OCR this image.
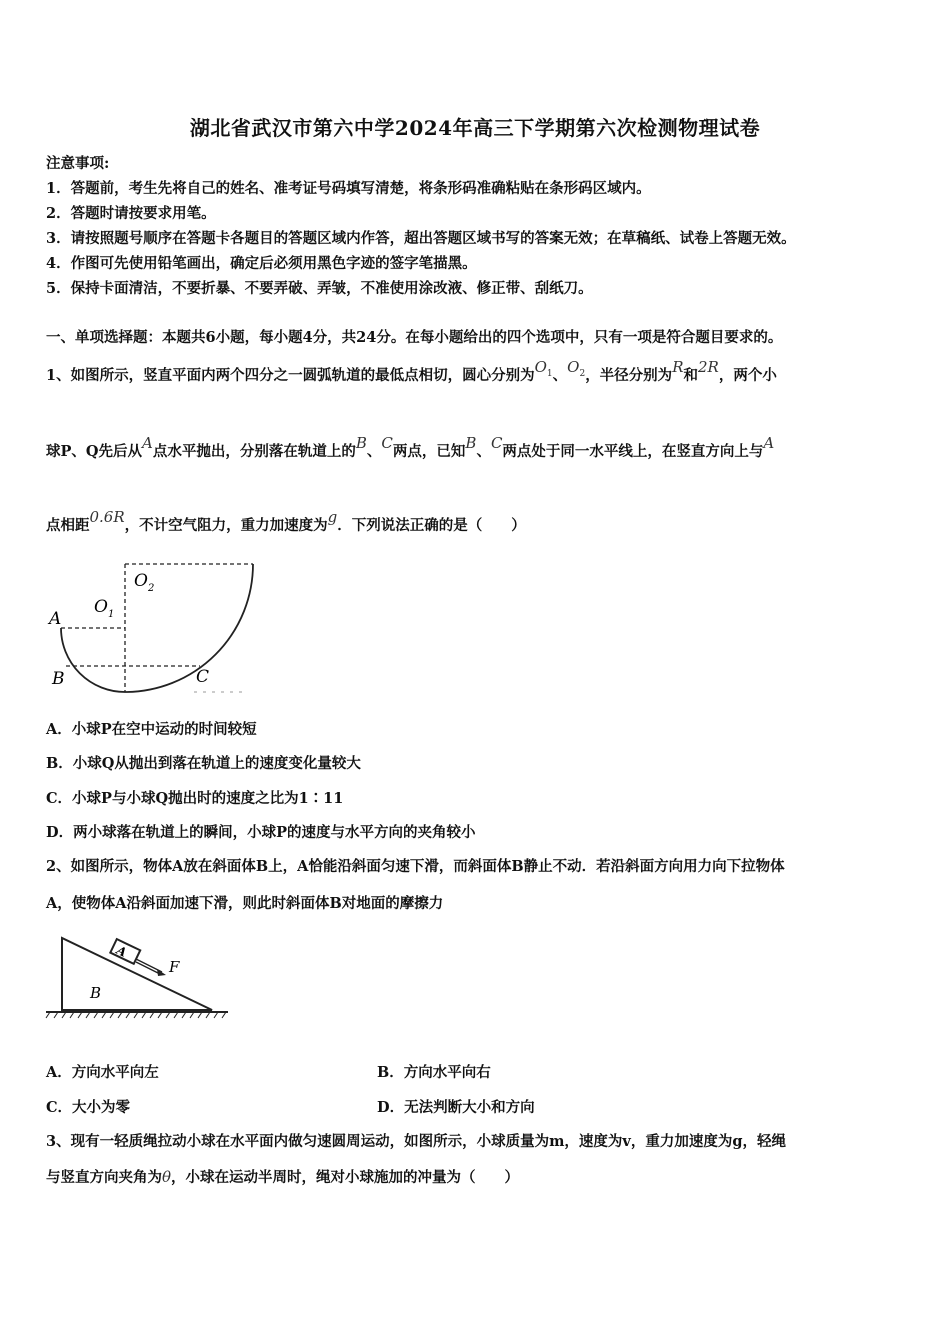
湖北省武汉市第六中学2024年高三下学期第六次检测物理试卷
注意事项:
1．答题前，考生先将自己的姓名、准考证号码填写清楚，将条形码准确粘贴在条形码区域内。
2．答题时请按要求用笔。
3．请按照题号顺序在答题卡各题目的答题区域内作答，超出答题区域书写的答案无效；在草稿纸、试卷上答题无效。
4．作图可先使用铅笔画出，确定后必须用黑色字迹的签字笔描黑。
5．保持卡面清洁，不要折暴、不要弄破、弄皱，不准使用涂改液、修正带、刮纸刀。
一、单项选择题：本题共6小题，每小题4分，共24分。在每小题给出的四个选项中，只有一项是符合题目要求的。
1、如图所示，竖直平面内两个四分之一圆弧轨道的最低点相切，圆心分别为$O_1$、$O_2$，半径分别为R和2R，两个小
球P、Q先后从A点水平抛出，分别落在轨道上的B、C两点，已知B、C两点处于同一水平线上，在竖直方向上与A
点相距0.6R，不计空气阻力，重力加速度为g．下列说法正确的是（　　）
A
B	C
$O_1$
$O_2$
A．小球P在空中运动的时间较短
B．小球Q从抛出到落在轨道上的速度变化量较大
C．小球P与小球Q抛出时的速度之比为1∶11
D．两小球落在轨道上的瞬间，小球P的速度与水平方向的夹角较小
2、如图所示，物体A放在斜面体B上，A恰能沿斜面匀速下滑，而斜面体B静止不动．若沿斜面方向用力向下拉物体
A，使物体A沿斜面加速下滑，则此时斜面体B对地面的摩擦力
A
F
B
A．方向水平向左	B．方向水平向右
C．大小为零	D．无法判断大小和方向
3、现有一轻质绳拉动小球在水平面内做匀速圆周运动，如图所示，小球质量为m，速度为v，重力加速度为g，轻绳
与竖直方向夹角为θ，小球在运动半周时，绳对小球施加的冲量为（　　）
